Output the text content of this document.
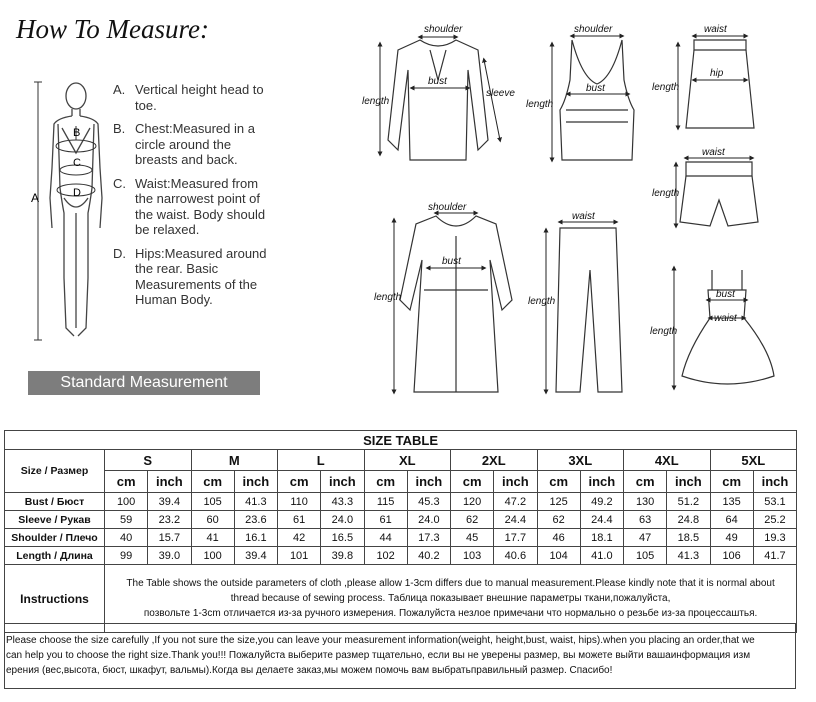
How To Measure:
A
B
C
D
A. Vertical height head to toe.
B. Chest:Measured in a circle around the breasts and back.
C. Waist:Measured from the narrowest point of the waist. Body should be relaxed.
D. Hips:Measured around the rear. Basic Measurements of the Human Body.
Standard Measurement
shoulder
bust
sleeve
length
shoulder
bust
length
waist
hip
length
waist
length
shoulder
bust
length
waist
length
bust
waist
length
SIZE TABLE																
Size / Размер	S		M		L		XL		2XL		3XL		4XL		5XL	
	cm	inch	cm	inch	cm	inch	cm	inch	cm	inch	cm	inch	cm	inch	cm	inch
Bust / Бюст	100	39.4	105	41.3	110	43.3	115	45.3	120	47.2	125	49.2	130	51.2	135	53.1
Sleeve / Рукав	59	23.2	60	23.6	61	24.0	61	24.0	62	24.4	62	24.4	63	24.8	64	25.2
Shoulder / Плечо	40	15.7	41	16.1	42	16.5	44	17.3	45	17.7	46	18.1	47	18.5	49	19.3
Length / Длина	99	39.0	100	39.4	101	39.8	102	40.2	103	40.6	104	41.0	105	41.3	106	41.7
Instructions	The Table shows the outside parameters of cloth ,please allow 1-3cm differs due to manual measurement.Please kindly note that it is normal about
thread because of sewing process. Таблица показывает внешние параметры ткани,пожалуйста,
позвольте 1-3cm отличается из-за ручного измерения. Пожалуйста незлое примечани что нормально о резьбе из-за процессаштья.															
Please choose the size carefully ,If you not sure the size,you can leave your measurement information(weight, height,bust, waist, hips).when you placing an order,that we
can help you to choose the right size.Thank you!!! Пожалуйста выберите размер тщательно, если вы не уверены размер, вы можете выйти вашаинформация изм
ерения (вес,высота, бюст, шкафут, вальмы).Когда вы делаете заказ,мы можем помочь вам выбратьправильный размер. Спасибо!
